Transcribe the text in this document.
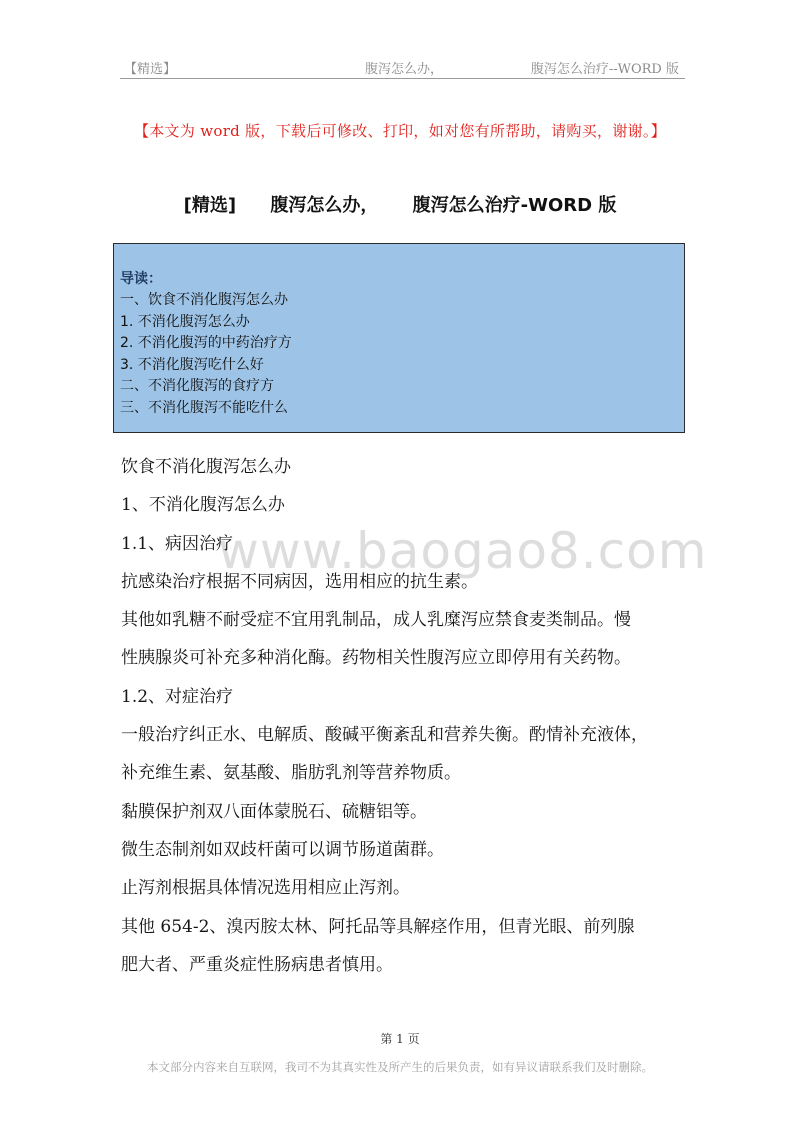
【精选】	腹泻怎么办，	腹泻怎么治疗--WORD 版
【本文为 word 版，下载后可修改、打印，如对您有所帮助，请购买，谢谢。】
[精选] 腹泻怎么办， 腹泻怎么治疗-WORD 版
导读：
一、饮食不消化腹泻怎么办
1. 不消化腹泻怎么办
2. 不消化腹泻的中药治疗方
3. 不消化腹泻吃什么好
二、不消化腹泻的食疗方
三、不消化腹泻不能吃什么
www.baogao8.com

饮食不消化腹泻怎么办

1、不消化腹泻怎么办

1.1、病因治疗

抗感染治疗根据不同病因，选用相应的抗生素。

其他如乳糖不耐受症不宜用乳制品，成人乳糜泻应禁食麦类制品。慢

性胰腺炎可补充多种消化酶。药物相关性腹泻应立即停用有关药物。

1.2、对症治疗

一般治疗纠正水、电解质、酸碱平衡紊乱和营养失衡。酌情补充液体，

补充维生素、氨基酸、脂肪乳剂等营养物质。

黏膜保护剂双八面体蒙脱石、硫糖铝等。

微生态制剂如双歧杆菌可以调节肠道菌群。

止泻剂根据具体情况选用相应止泻剂。

其他 654-2、溴丙胺太林、阿托品等具解痉作用，但青光眼、前列腺

肥大者、严重炎症性肠病患者慎用。

第 1 页
本文部分内容来自互联网，我司不为其真实性及所产生的后果负责，如有异议请联系我们及时删除。
